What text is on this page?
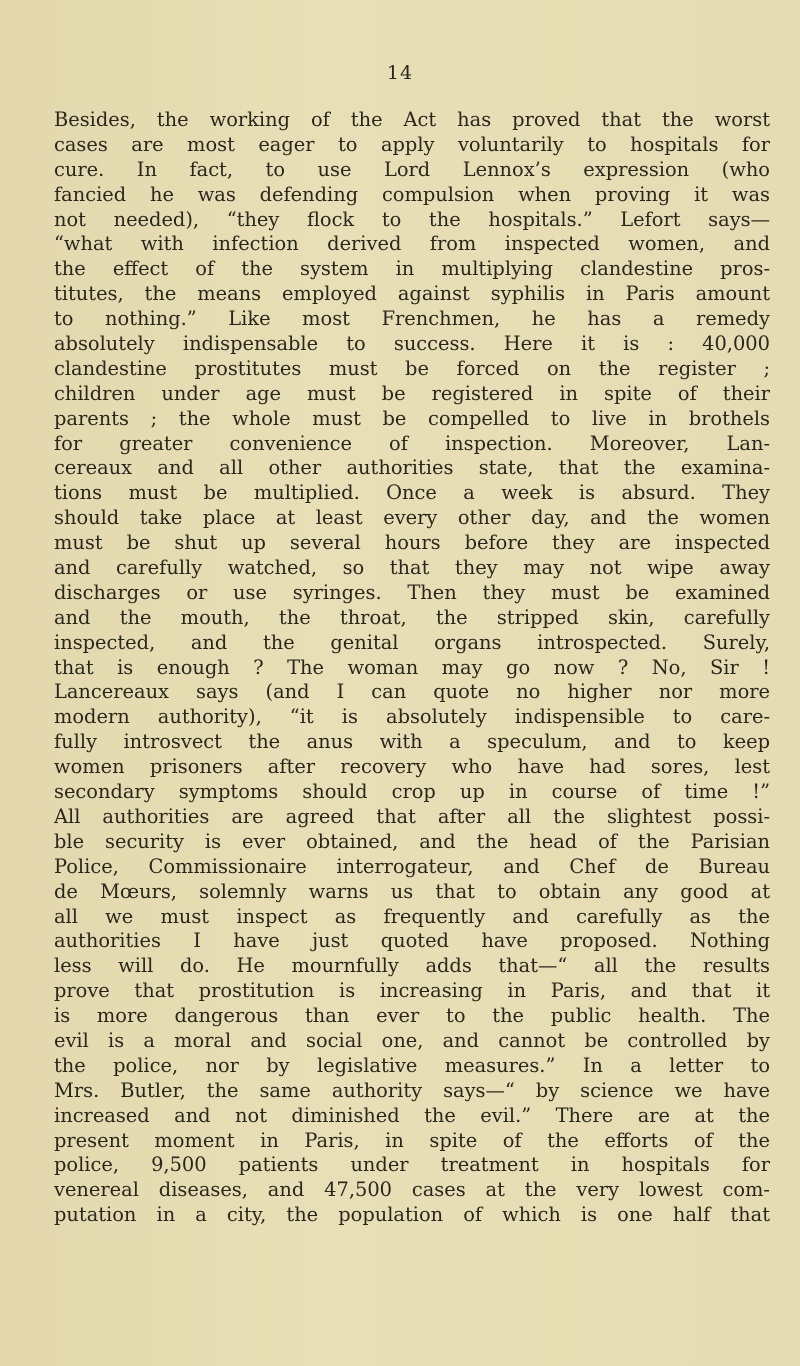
14
Besides, the working of the Act has proved that the worst
cases are most eager to apply voluntarily to hospitals for
cure. In fact, to use Lord Lennox’s expression (who
fancied he was defending compulsion when proving it was
not needed), “they flock to the hospitals.” Lefort says—
“what with infection derived from inspected women, and
the effect of the system in multiplying clandestine pros-
titutes, the means employed against syphilis in Paris amount
to nothing.” Like most Frenchmen, he has a remedy
absolutely indispensable to success. Here it is : 40,000
clandestine prostitutes must be forced on the register ;
children under age must be registered in spite of their
parents ; the whole must be compelled to live in brothels
for greater convenience of inspection. Moreover, Lan-
cereaux and all other authorities state, that the examina-
tions must be multiplied. Once a week is absurd. They
should take place at least every other day, and the women
must be shut up several hours before they are inspected
and carefully watched, so that they may not wipe away
discharges or use syringes. Then they must be examined
and the mouth, the throat, the stripped skin, carefully
inspected, and the genital organs introspected. Surely,
that is enough ? The woman may go now ? No, Sir !
Lancereaux says (and I can quote no higher nor more
modern authority), “it is absolutely indispensible to care-
fully introsvect the anus with a speculum, and to keep
women prisoners after recovery who have had sores, lest
secondary symptoms should crop up in course of time !”
All authorities are agreed that after all the slightest possi-
ble security is ever obtained, and the head of the Parisian
Police, Commissionaire interrogateur, and Chef de Bureau
de Mœurs, solemnly warns us that to obtain any good at
all we must inspect as frequently and carefully as the
authorities I have just quoted have proposed. Nothing
less will do. He mournfully adds that—“ all the results
prove that prostitution is increasing in Paris, and that it
is more dangerous than ever to the public health. The
evil is a moral and social one, and cannot be controlled by
the police, nor by legislative measures.” In a letter to
Mrs. Butler, the same authority says—“ by science we have
increased and not diminished the evil.” There are at the
present moment in Paris, in spite of the efforts of the
police, 9,500 patients under treatment in hospitals for
venereal diseases, and 47,500 cases at the very lowest com-
putation in a city, the population of which is one half that
